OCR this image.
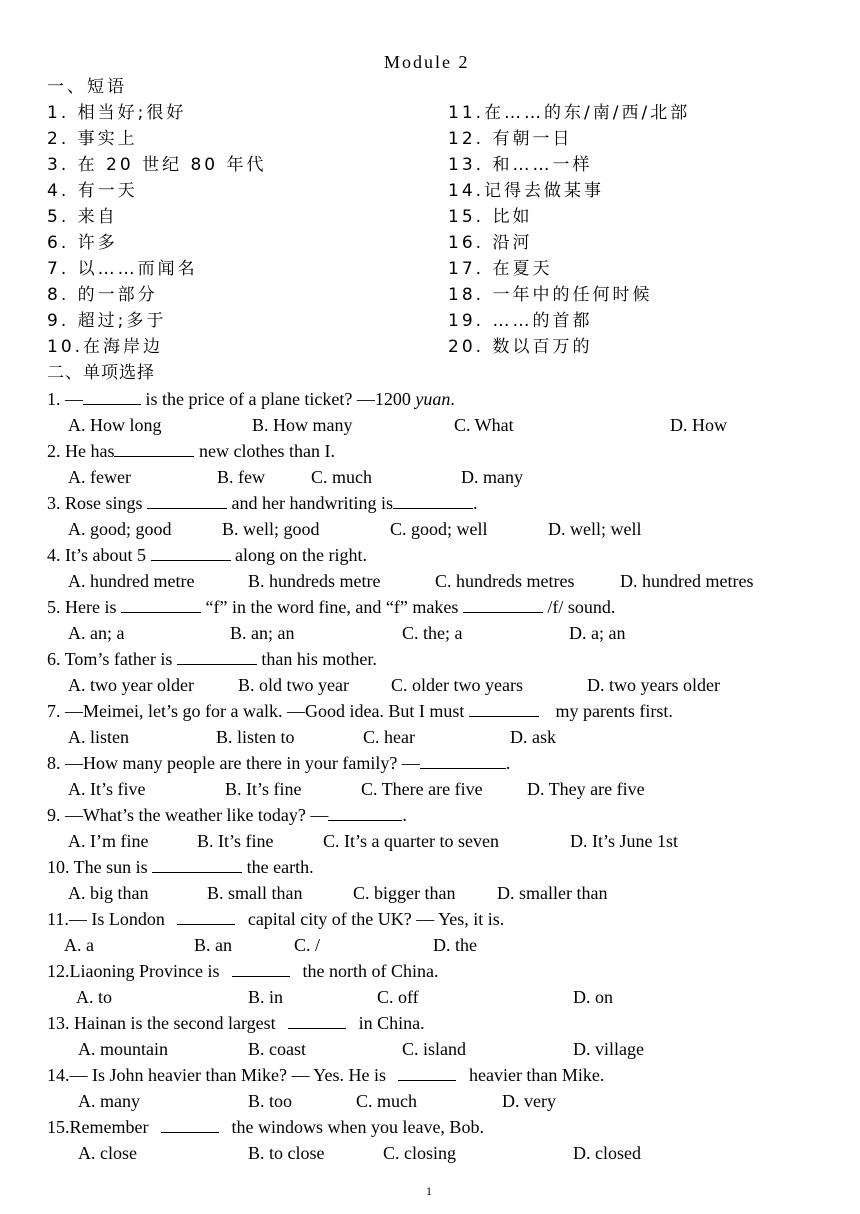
Module 2
一、短语
1. 相当好;很好
2. 事实上
3. 在 20 世纪 80 年代
4. 有一天
5. 来自
6. 许多
7. 以……而闻名
8. 的一部分
9. 超过;多于
10.在海岸边
11.在……的东/南/西/北部
12. 有朝一日
13. 和……一样
14.记得去做某事
15. 比如
16. 沿河
17. 在夏天
18. 一年中的任何时候
19. ……的首都
20. 数以百万的
二、单项选择
1. —	is the price of a plane ticket? —1200 yuan.
A. How long	B. How many	C. What	D. How
2. He has	new clothes than I.
A. fewer	B. few	C. much	D. many
3. Rose sings	and her handwriting is	.
A. good; good	B. well; good	C. good; well	D. well; well
4. It’s about 5	along on the right.
A. hundred metre	B. hundreds metre	C. hundreds metres	D. hundred metres
5. Here is	“f” in the word fine, and “f” makes	/f/ sound.
A. an; a	B. an; an	C. the; a	D. a; an
6. Tom’s father is	than his mother.
A. two year older B. old two year C. older two years	D. two years older
7. —Meimei, let’s go for a walk. —Good idea. But I must	my parents first.
A. listen	B. listen to	C. hear	D. ask
8. —How many people are there in your family? —	.
A. It’s five	B. It’s fine	C. There are five D. They are five
9. —What’s the weather like today? —	.
A. I’m fine	B. It’s fine	C. It’s a quarter to seven	D. It’s June 1st
10. The sun is	the earth.
A. big than	B. small than	C. bigger than D. smaller than
11.— Is London	capital city of the UK? — Yes, it is.
A. a	B. an	C. /	D. the
12.Liaoning Province is	the north of China.
A. to	B. in	C. off	D. on
13. Hainan is the second largest	in China.
A. mountain	B. coast	C. island	D. village
14.— Is John heavier than Mike? — Yes. He is	heavier than Mike.
A. many	B. too	C. much	D. very
15.Remember	the windows when you leave, Bob.
A. close	B. to close	C. closing	D. closed
1
